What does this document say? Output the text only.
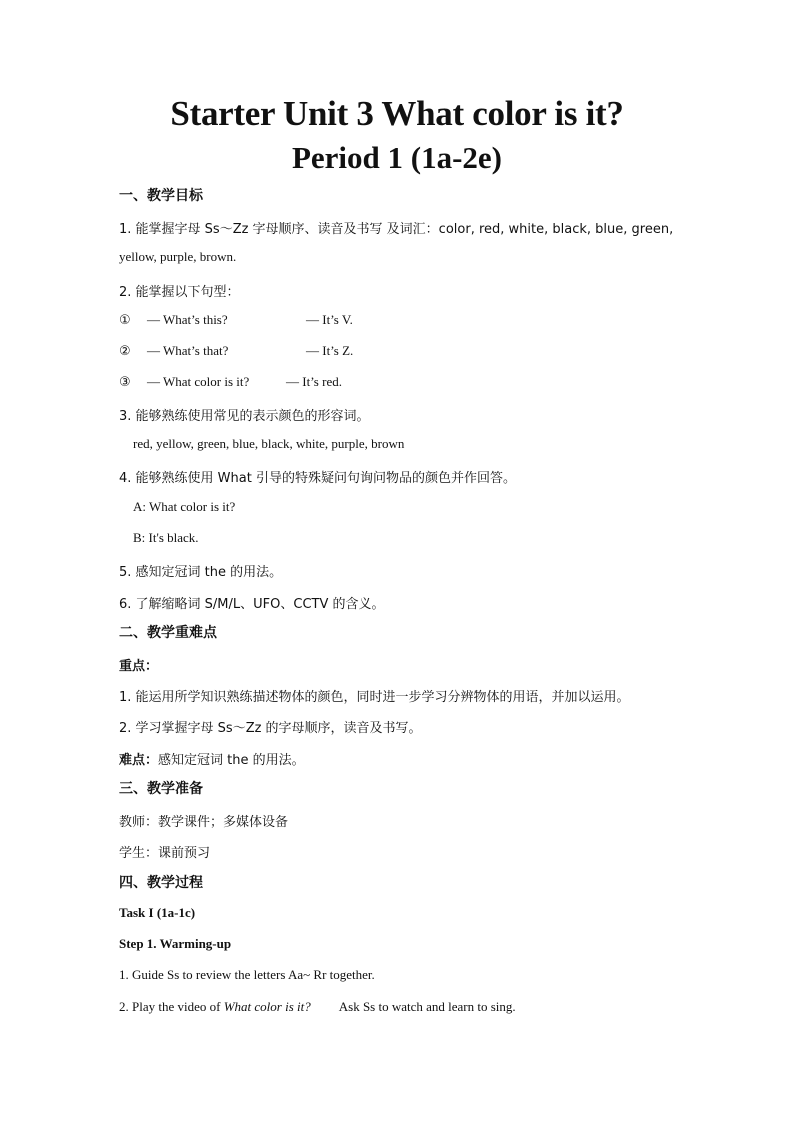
Starter Unit 3 What color is it?
Period 1 (1a-2e)
一、教学目标
1. 能掌握字母 Ss～Zz 字母顺序、读音及书写 及词汇：color, red, white, black, blue, green,
yellow, purple, brown.
2. 能掌握以下句型：
① — What’s this?	— It’s V.
② — What’s that?	— It’s Z.
③ — What color is it?	— It’s red.
3. 能够熟练使用常见的表示颜色的形容词。
red, yellow, green, blue, black, white, purple, brown
4. 能够熟练使用 What 引导的特殊疑问句询问物品的颜色并作回答。
A: What color is it?
B: It's black.
5. 感知定冠词 the 的用法。
6. 了解缩略词 S/M/L、UFO、CCTV 的含义。
二、教学重难点
重点：
1. 能运用所学知识熟练描述物体的颜色，同时进一步学习分辨物体的用语，并加以运用。
2. 学习掌握字母 Ss～Zz 的字母顺序，读音及书写。
难点：感知定冠词 the 的用法。
三、教学准备
教师：教学课件；多媒体设备
学生：课前预习
四、教学过程
Task I (1a-1c)
Step 1. Warming-up
1. Guide Ss to review the letters Aa~ Rr together.
2. Play the video of What color is it? Ask Ss to watch and learn to sing.
